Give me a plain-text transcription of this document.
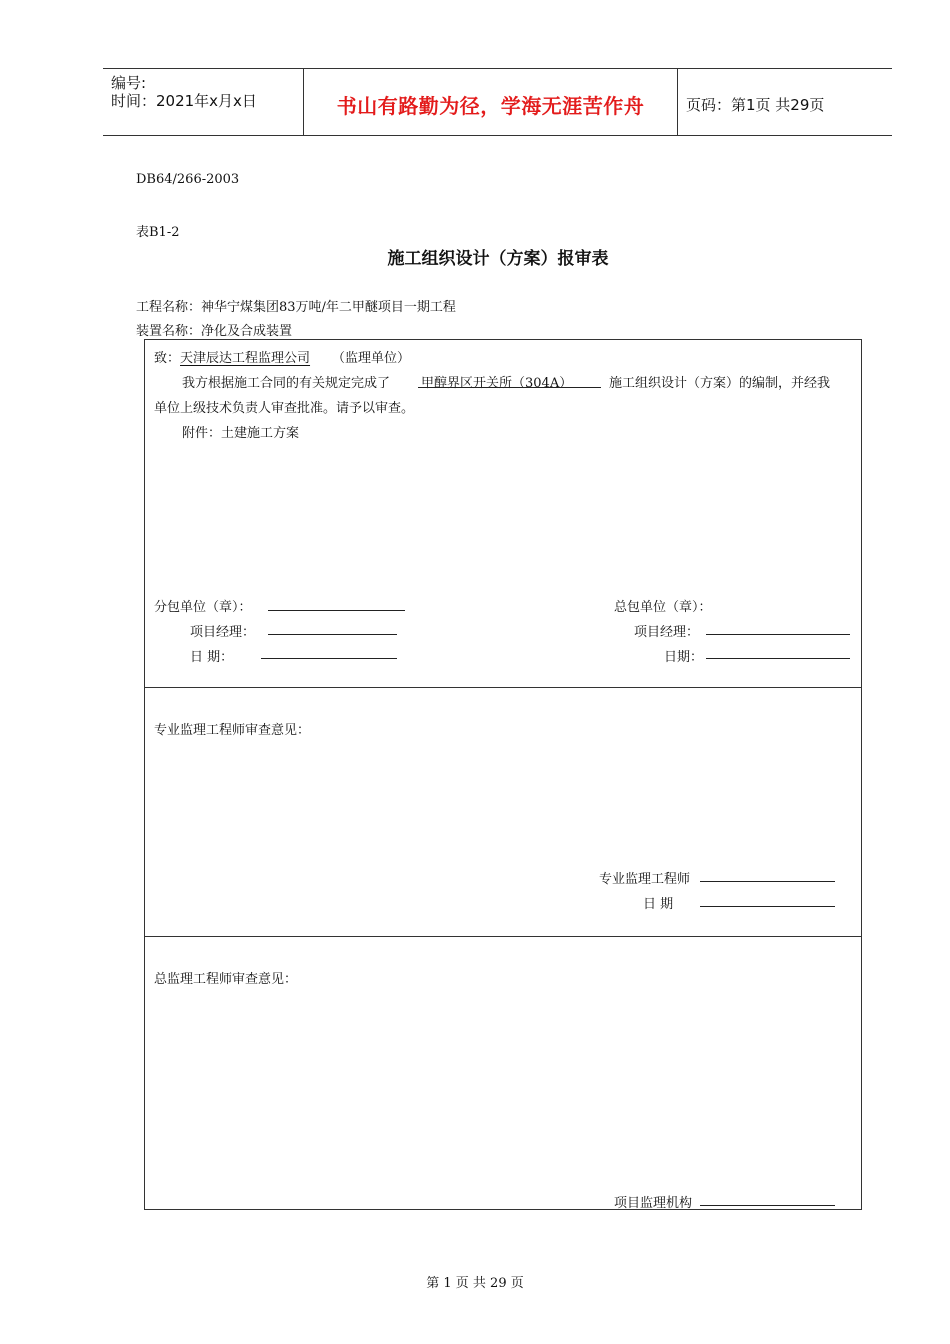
编号:
时间：2021年x月x日	书山有路勤为径，学海无涯苦作舟	页码：第1页 共29页
DB64/266-2003
表B1-2
施工组织设计（方案）报审表
工程名称：神华宁煤集团83万吨/年二甲醚项目一期工程
装置名称：净化及合成装置
致：天津辰达工程监理公司 （监理单位）
我方根据施工合同的有关规定完成了 甲醇界区开关所（304A）	施工组织设计（方案）的编制，并经我
单位上级技术负责人审查批准。请予以审查。
附件：土建施工方案
分包单位（章）：	总包单位（章）：
项目经理：	项目经理：
日 期：	日期：
专业监理工程师审查意见：
专业监理工程师
日 期
总监理工程师审查意见：
项目监理机构
第 1 页 共 29 页
